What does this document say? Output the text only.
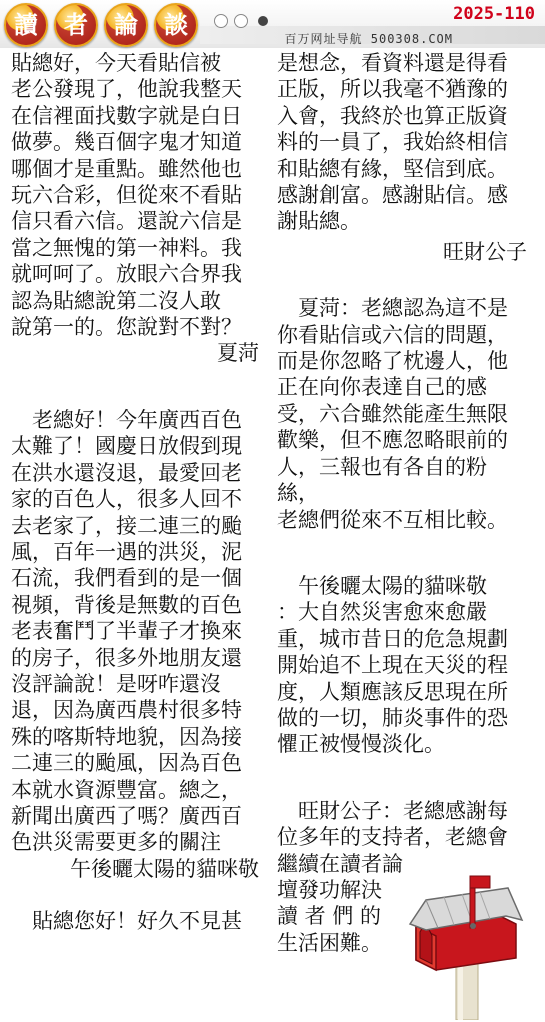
讀	者	論	談	2025-110
百万网址导航 500308.COM

貼總好，今天看貼信被

老公發現了，他說我整天

在信裡面找數字就是白日

做夢。幾百個字鬼才知道

哪個才是重點。雖然他也

玩六合彩，但從來不看貼

信只看六信。還說六信是

當之無愧的第一神料。我

就呵呵了。放眼六合界我

認為貼總說第二沒人敢

說第一的。您說對不對？

夏菏

　老總好！今年廣西百色

太難了！國慶日放假到現

在洪水還沒退，最愛回老

家的百色人，很多人回不

去老家了，接二連三的颱

風，百年一遇的洪災，泥

石流，我們看到的是一個

視頻，背後是無數的百色

老表奮鬥了半輩子才換來

的房子，很多外地朋友還

沒評論說！是呀咋還沒

退，因為廣西農村很多特

殊的喀斯特地貌，因為接

二連三的颱風，因為百色

本就水資源豐富。總之，

新聞出廣西了嗎？廣西百

色洪災需要更多的關注

午後曬太陽的貓咪敬

　貼總您好！好久不見甚

是想念，看資料還是得看

正版，所以我毫不猶豫的

入會，我終於也算正版資

料的一員了，我始終相信

和貼總有緣，堅信到底。

感謝創富。感謝貼信。感

謝貼總。

旺財公子

　夏菏：老總認為這不是

你看貼信或六信的問題，

而是你忽略了枕邊人，他

正在向你表達自己的感

受，六合雖然能產生無限

歡樂，但不應忽略眼前的

人，三報也有各自的粉絲，

老總們從來不互相比較。

　午後曬太陽的貓咪敬

：大自然災害愈來愈嚴

重，城市昔日的危急規劃

開始追不上現在天災的程

度，人類應該反思現在所

做的一切，肺炎事件的恐

懼正被慢慢淡化。

　旺財公子：老總感謝每

位多年的支持者，老總會

繼續在讀者論

壇發功解決

讀 者 們 的

生活困難。
